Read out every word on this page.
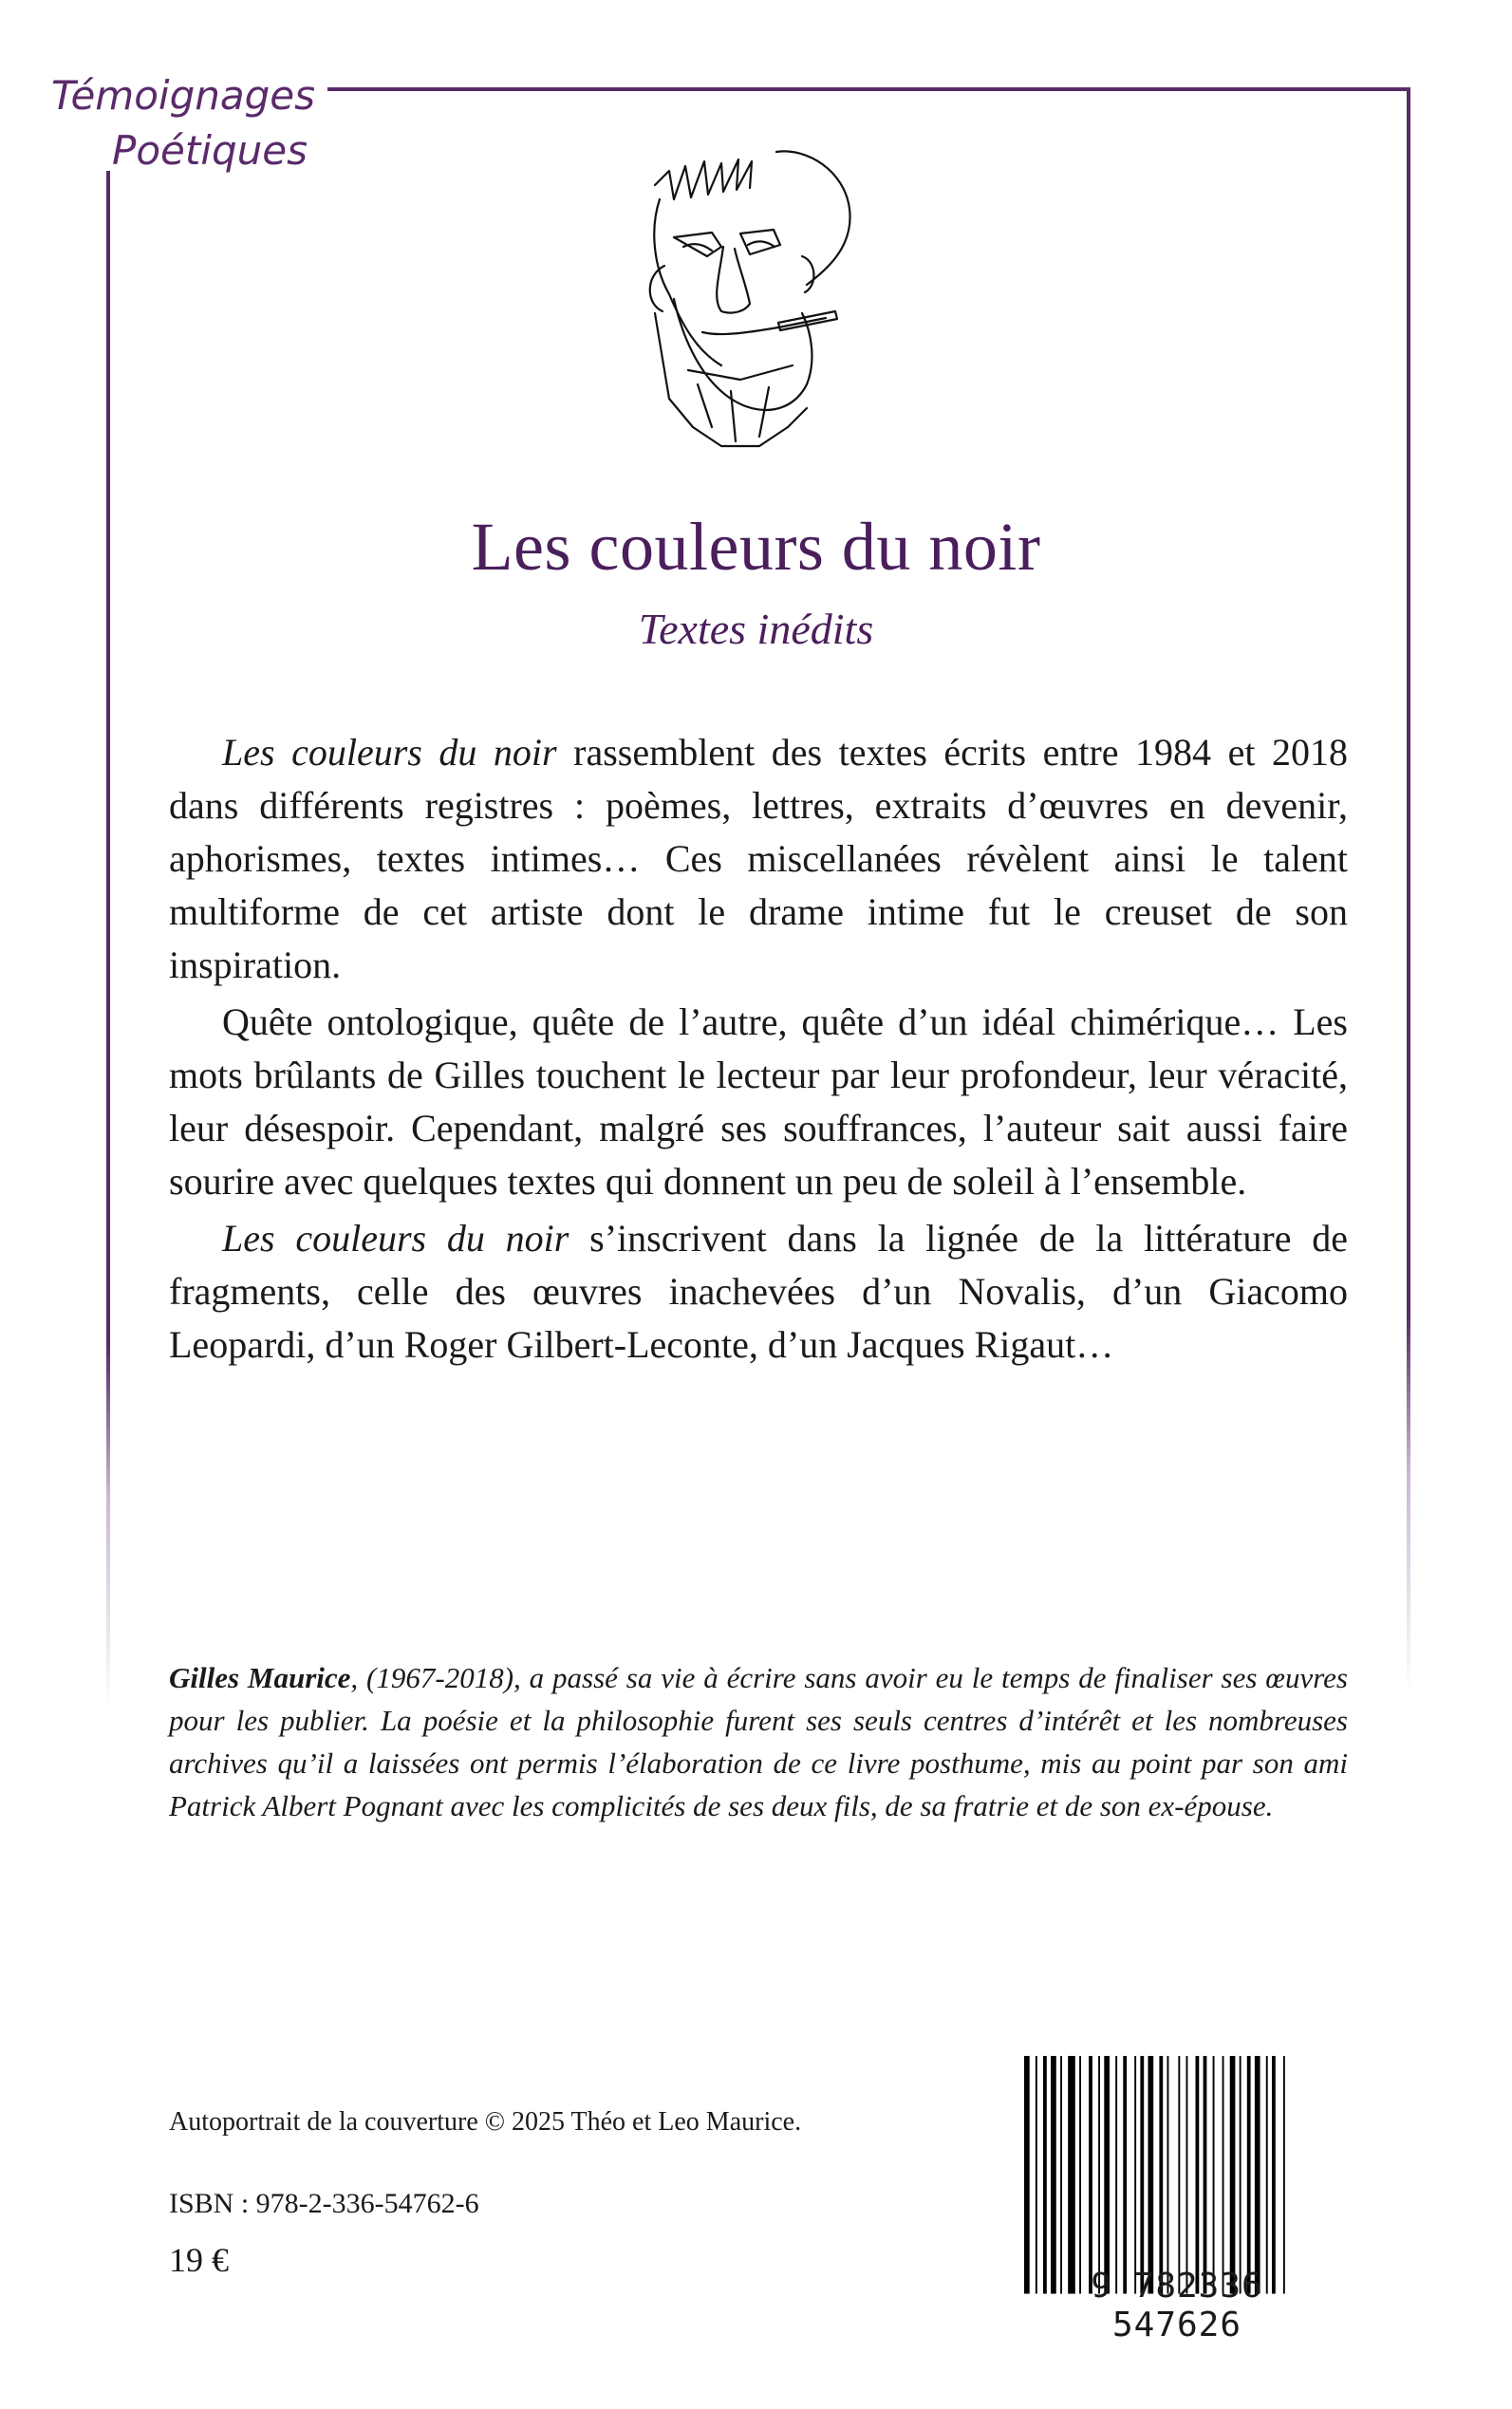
Témoignages
Poétiques
Les couleurs du noir
Textes inédits

Les couleurs du noir rassemblent des textes écrits entre 1984 et 2018 dans différents registres : poèmes, lettres, extraits d’œuvres en devenir, aphorismes, textes intimes… Ces miscellanées révèlent ainsi le talent multiforme de cet artiste dont le drame intime fut le creuset de son inspiration.

Quête ontologique, quête de l’autre, quête d’un idéal chimérique… Les mots brûlants de Gilles touchent le lecteur par leur profondeur, leur véracité, leur désespoir. Cependant, malgré ses souffrances, l’auteur sait aussi faire sourire avec quelques textes qui donnent un peu de soleil à l’ensemble.

Les couleurs du noir s’inscrivent dans la lignée de la littérature de fragments, celle des œuvres inachevées d’un Novalis, d’un Giacomo Leopardi, d’un Roger Gilbert-Leconte, d’un Jacques Rigaut…

Gilles Maurice, (1967-2018), a passé sa vie à écrire sans avoir eu le temps de finaliser ses œuvres pour les publier. La poésie et la philosophie furent ses seuls centres d’intérêt et les nombreuses archives qu’il a laissées ont permis l’élaboration de ce livre posthume, mis au point par son ami Patrick Albert Pognant avec les complicités de ses deux fils, de sa fratrie et de son ex-épouse.
Autoportrait de la couverture © 2025 Théo et Leo Maurice.
ISBN : 978-2-336-54762-6
19 €
9 782336 547626
